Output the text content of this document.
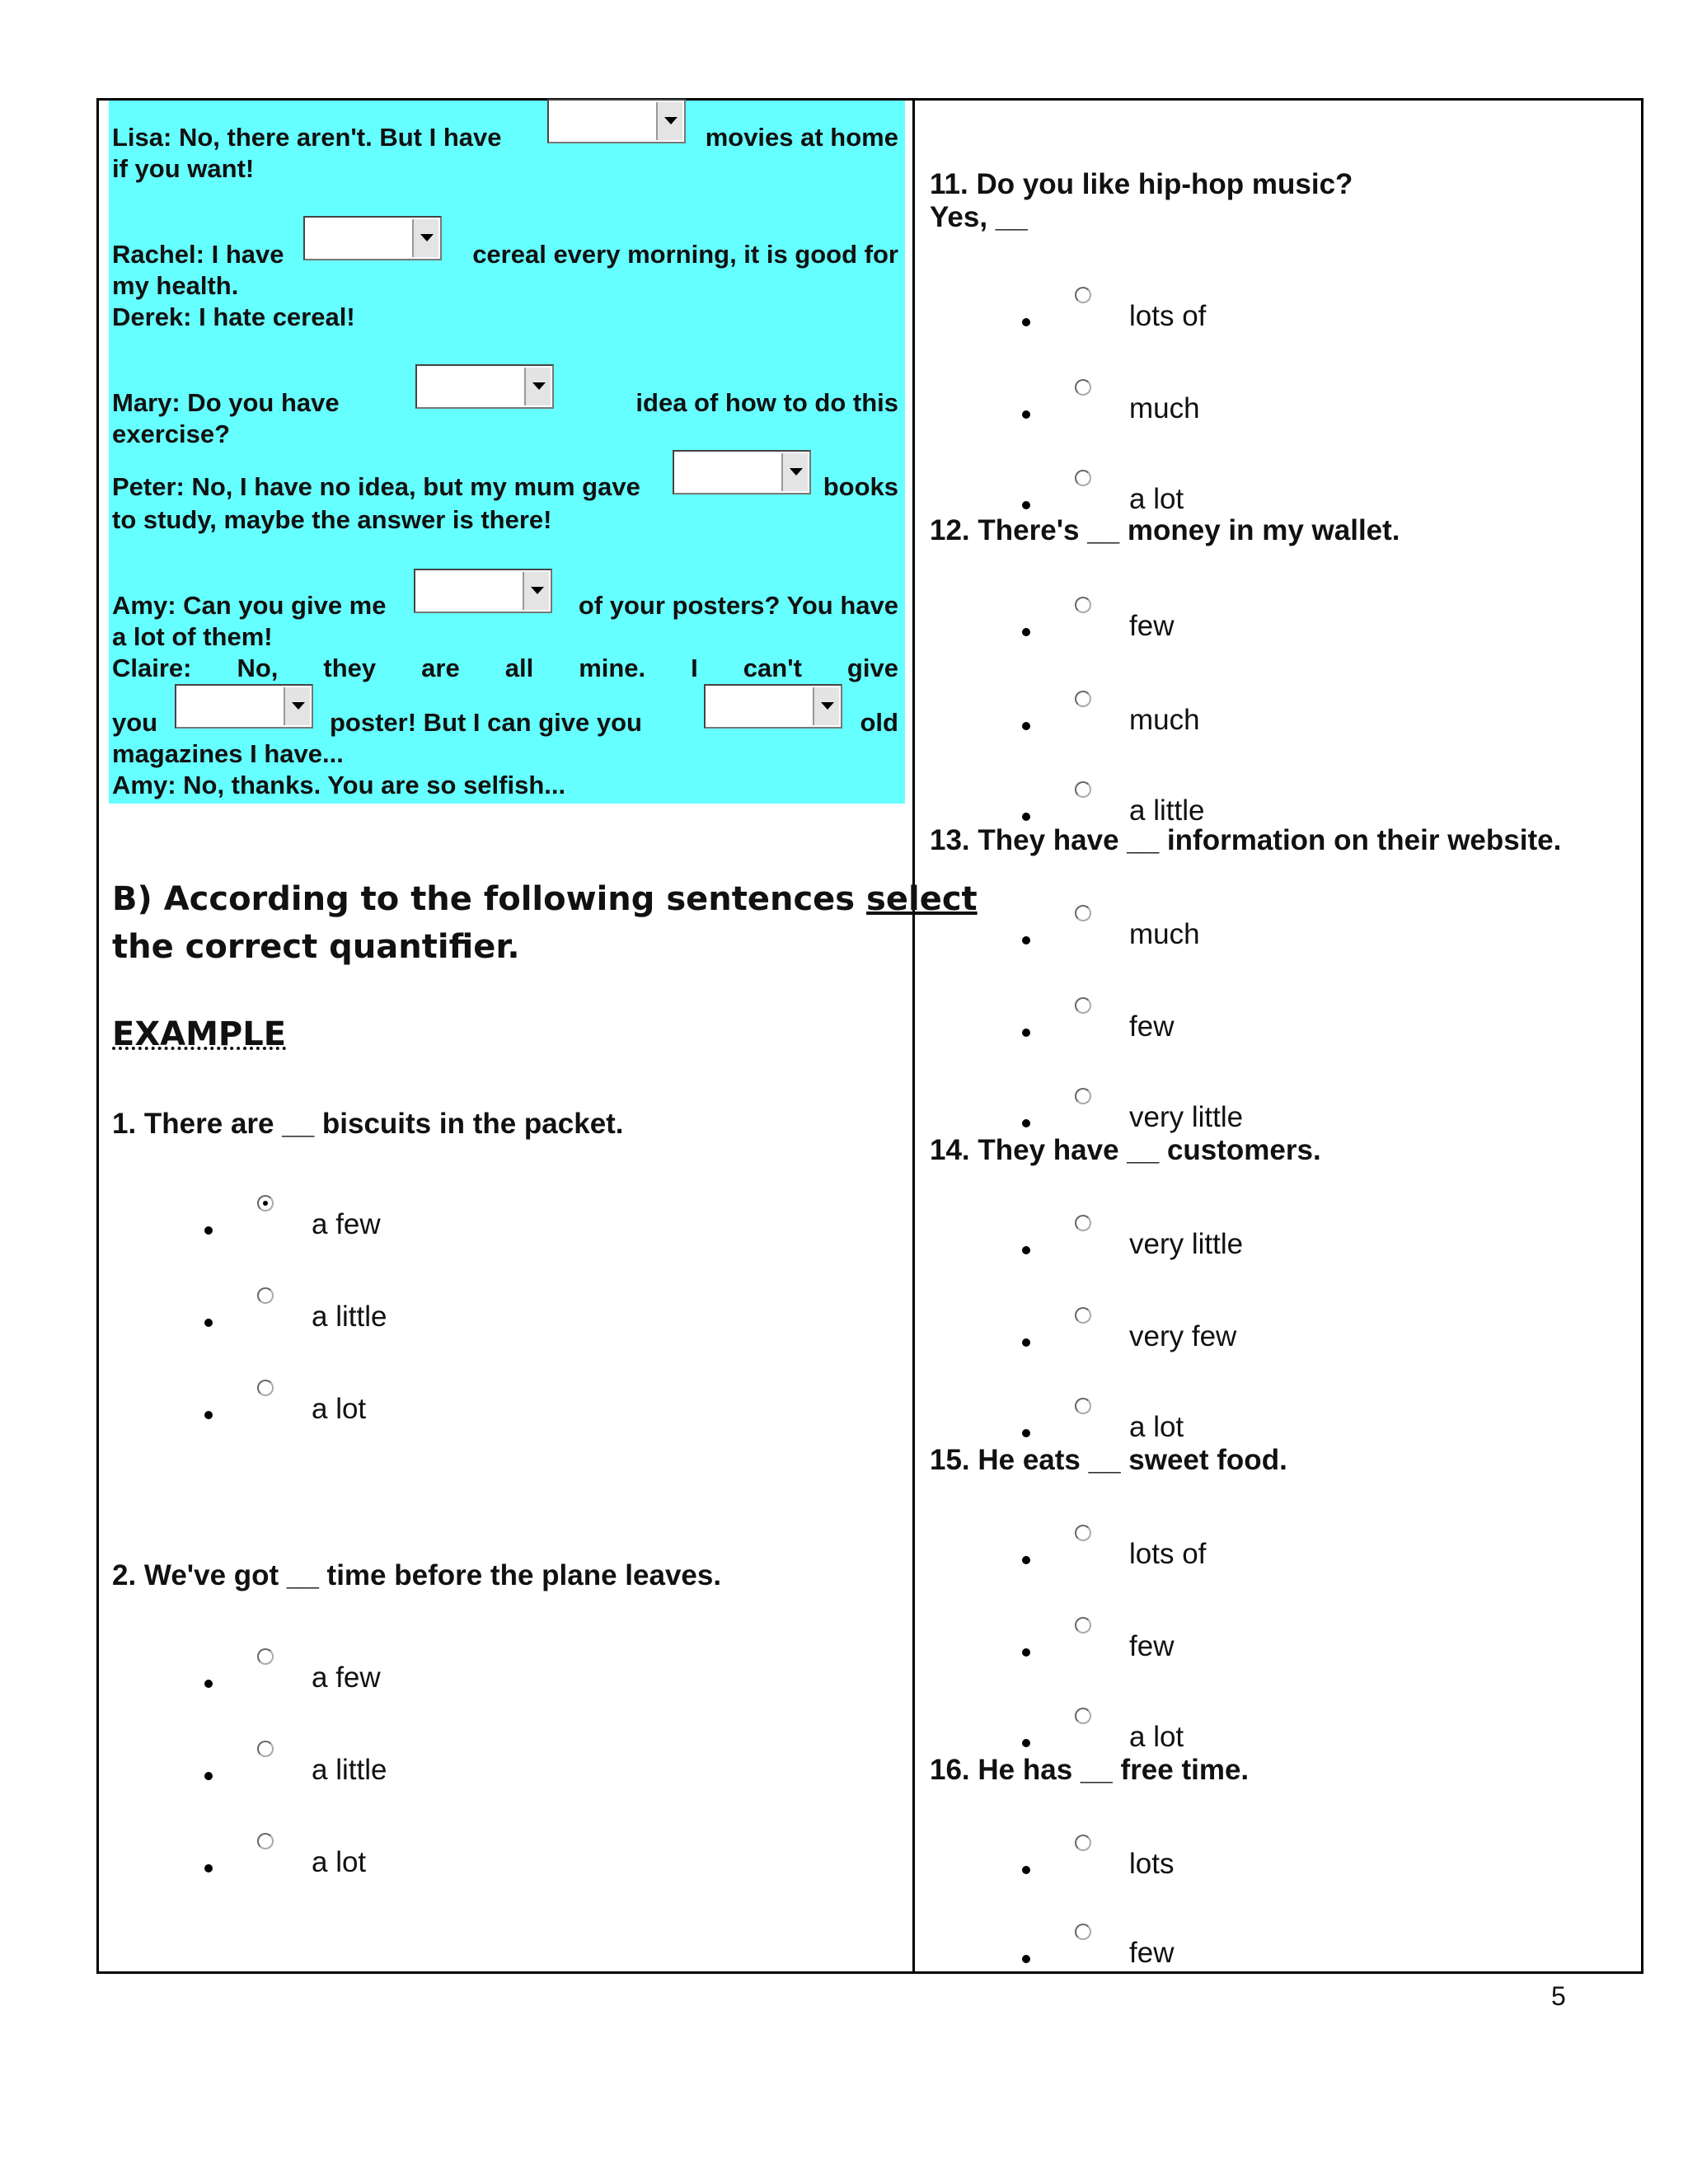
Lisa: No, there aren't. But I have	movies at home
if you want!
Rachel: I have	cereal every morning, it is good for
my health.
Derek: I hate cereal!
Mary: Do you have	idea of how to do this
exercise?
Peter: No, I have no idea, but my mum gave	books
to study, maybe the answer is there!
Amy: Can you give me	of your posters? You have
a lot of them!
Claire: No, they are all mine. I can't give
you	poster! But I can give you	old
magazines I have...
Amy: No, thanks. You are so selfish...
B) According to the following sentences select
the correct quantifier.
EXAMPLE
1. There are __ biscuits in the packet.
a few
a little
a lot
2. We've got __ time before the plane leaves.
a few
a little
a lot
11. Do you like hip-hop music?
Yes, __
lots of
much
a lot
12. There's __ money in my wallet.
few
much
a little
13. They have __ information on their website.
much
few
very little
14. They have __ customers.
very little
very few
a lot
15. He eats __ sweet food.
lots of
few
a lot
16. He has __ free time.
lots
few
5
